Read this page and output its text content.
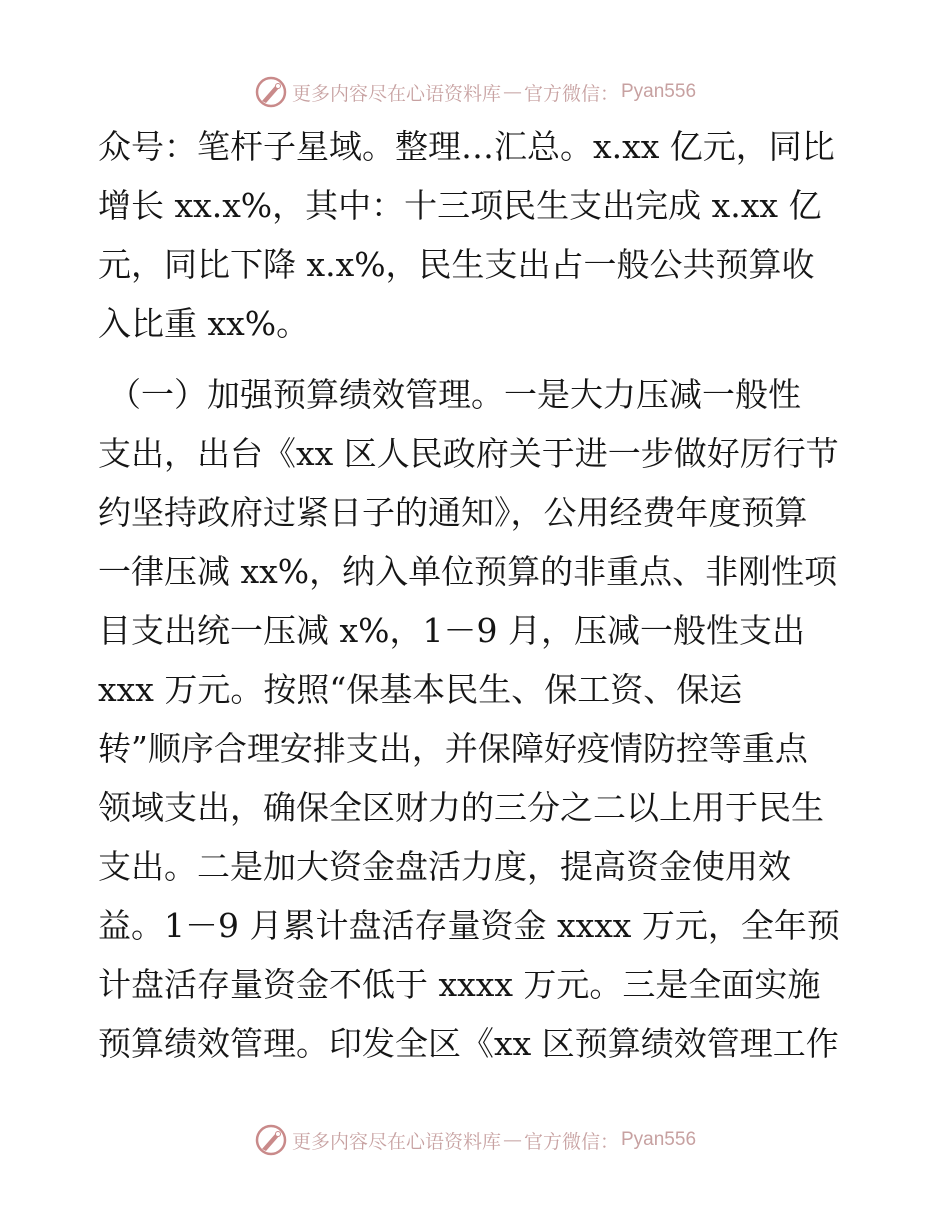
更多内容尽在心语资料库 — 官方微信： Pyan556
众号：笔杆子星域。整理…汇总。x.xx 亿元，同比
增长 xx.x%，其中：十三项民生支出完成 x.xx 亿
元，同比下降 x.x%，民生支出占一般公共预算收
入比重 xx%。
（一）加强预算绩效管理。一是大力压减一般性
支出，出台《xx 区人民政府关于进一步做好厉行节
约坚持政府过紧日子的通知》，公用经费年度预算
一律压减 xx%，纳入单位预算的非重点、非刚性项
目支出统一压减 x%，1－9 月，压减一般性支出
xxx 万元。按照“保基本民生、保工资、保运
转”顺序合理安排支出，并保障好疫情防控等重点
领域支出，确保全区财力的三分之二以上用于民生
支出。二是加大资金盘活力度，提高资金使用效
益。1－9 月累计盘活存量资金 xxxx 万元，全年预
计盘活存量资金不低于 xxxx 万元。三是全面实施
预算绩效管理。印发全区《xx 区预算绩效管理工作
更多内容尽在心语资料库 — 官方微信： Pyan556
